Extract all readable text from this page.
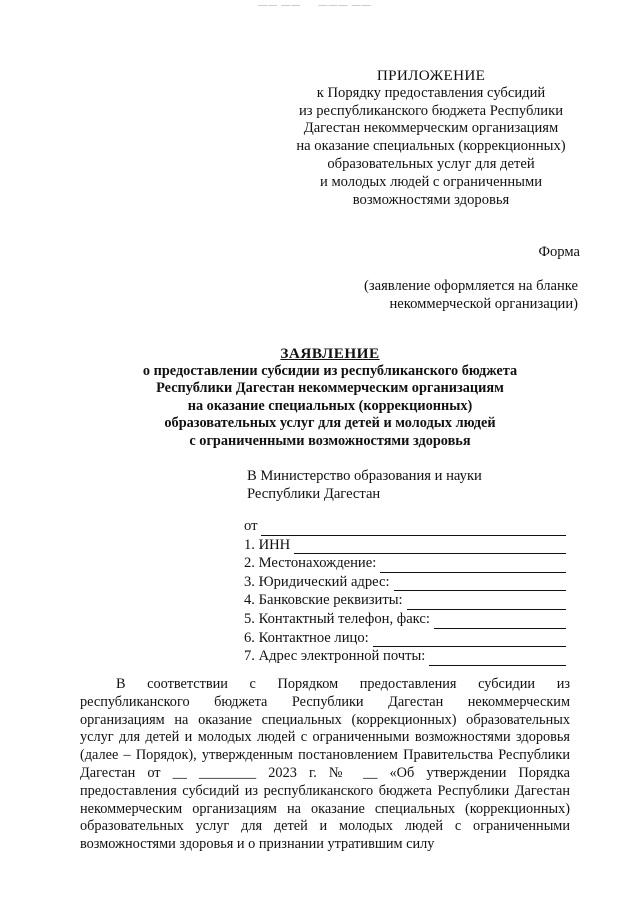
—— —— ——— ——
ПРИЛОЖЕНИЕ
к Порядку предоставления субсидий
из республиканского бюджета Республики
Дагестан некоммерческим организациям
на оказание специальных (коррекционных)
образовательных услуг для детей
и молодых людей с ограниченными
возможностями здоровья
Форма
(заявление оформляется на бланке
некоммерческой организации)
ЗАЯВЛЕНИЕ
о предоставлении субсидии из республиканского бюджета
Республики Дагестан некоммерческим организациям
на оказание специальных (коррекционных)
образовательных услуг для детей и молодых людей
с ограниченными возможностями здоровья
В Министерство образования и науки
Республики Дагестан
от
1. ИНН
2. Местонахождение:
3. Юридический адрес:
4. Банковские реквизиты:
5. Контактный телефон, факс:
6. Контактное лицо:
7. Адрес электронной почты:

В соответствии с Порядком предоставления субсидии из республиканского бюджета Республики Дагестан некоммерческим организациям на оказание специальных (коррекционных) образовательных услуг для детей и молодых людей с ограниченными возможностями здоровья (далее – Порядок), утвержденным постановлением Правительства Республики Дагестан от __ ________ 2023 г. № __ «Об утверждении Порядка предоставления субсидий из республиканского бюджета Республики Дагестан некоммерческим организациям на оказание специальных (коррекционных) образовательных услуг для детей и молодых людей с ограниченными возможностями здоровья и о признании утратившим силу
